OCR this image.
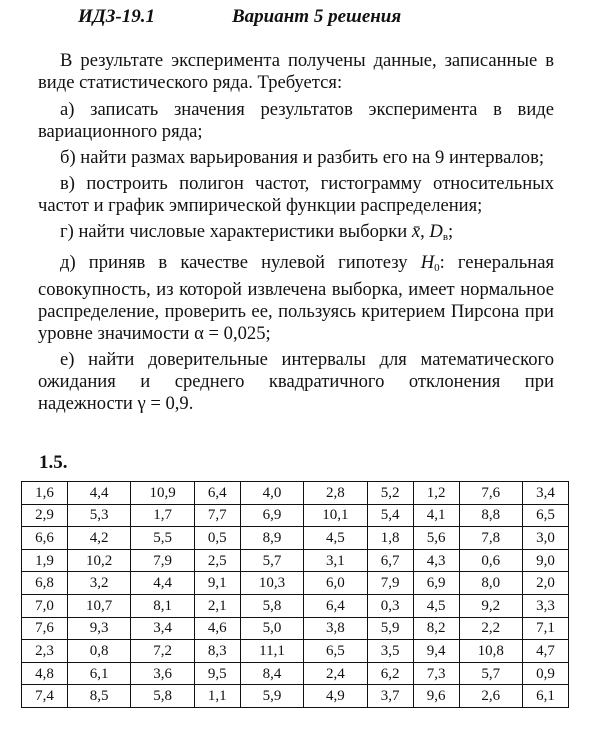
ИДЗ-19.1	Вариант 5 решения

В результате эксперимента получены данные, записанные в виде статистического ряда. Требуется:

а) записать значения результатов эксперимента в виде вариационного ряда;

б) найти размах варьирования и разбить его на 9 интервалов;

в) построить полигон частот, гистограмму относительных частот и график эмпирической функции распределения;

г) найти числовые характеристики выборки x̄, $D_в$;

д) приняв в качестве нулевой гипотезу $H_0$: генеральная совокупность, из которой извлечена выборка, имеет нормальное распределение, проверить ее, пользуясь критерием Пирсона при уровне значимости α = 0,025;

е) найти доверительные интервалы для математического ожидания и среднего квадратичного отклонения при надежности γ = 0,9.

1.5.
1,6	4,4	10,9	6,4	4,0	2,8	5,2	1,2	7,6	3,4
2,9	5,3	1,7	7,7	6,9	10,1	5,4	4,1	8,8	6,5
6,6	4,2	5,5	0,5	8,9	4,5	1,8	5,6	7,8	3,0
1,9	10,2	7,9	2,5	5,7	3,1	6,7	4,3	0,6	9,0
6,8	3,2	4,4	9,1	10,3	6,0	7,9	6,9	8,0	2,0
7,0	10,7	8,1	2,1	5,8	6,4	0,3	4,5	9,2	3,3
7,6	9,3	3,4	4,6	5,0	3,8	5,9	8,2	2,2	7,1
2,3	0,8	7,2	8,3	11,1	6,5	3,5	9,4	10,8	4,7
4,8	6,1	3,6	9,5	8,4	2,4	6,2	7,3	5,7	0,9
7,4	8,5	5,8	1,1	5,9	4,9	3,7	9,6	2,6	6,1
